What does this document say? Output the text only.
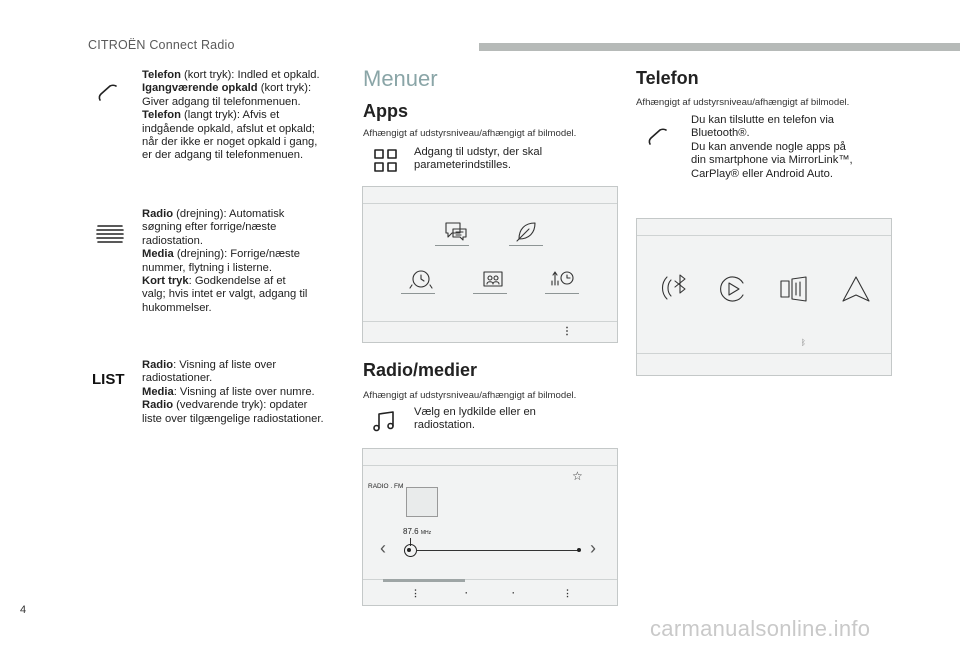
CITROËN Connect Radio
Telefon (kort tryk): Indled et opkald.
Igangværende opkald (kort tryk):
Giver adgang til telefonmenuen.
Telefon (langt tryk): Afvis et
indgående opkald, afslut et opkald;
når der ikke er noget opkald i gang,
er der adgang til telefonmenuen.
Radio (drejning): Automatisk
søgning efter forrige/næste
radiostation.
Media (drejning): Forrige/næste
nummer, flytning i listerne.
Kort tryk: Godkendelse af et
valg; hvis intet er valgt, adgang til
hukommelser.
LIST
Radio: Visning af liste over
radiostationer.
Media: Visning af liste over numre.
Radio (vedvarende tryk): opdater
liste over tilgængelige radiostationer.
Menuer
Apps
Afhængigt af udstyrsniveau/afhængigt af bilmodel.
Adgang til udstyr, der skal
parameterindstilles.
⋮
Radio/medier
Afhængigt af udstyrsniveau/afhængigt af bilmodel.
Vælg en lydkilde eller en
radiostation.
☆
RADIO . FM
87.6 MHz
‹	›
⋮	·	·	⋮
Telefon
Afhængigt af udstyrsniveau/afhængigt af bilmodel.
Du kan tilslutte en telefon via
Bluetooth®.
Du kan anvende nogle apps på
din smartphone via MirrorLink™,
CarPlay® eller Android Auto.
ᛒ
4
carmanualsonline.info
